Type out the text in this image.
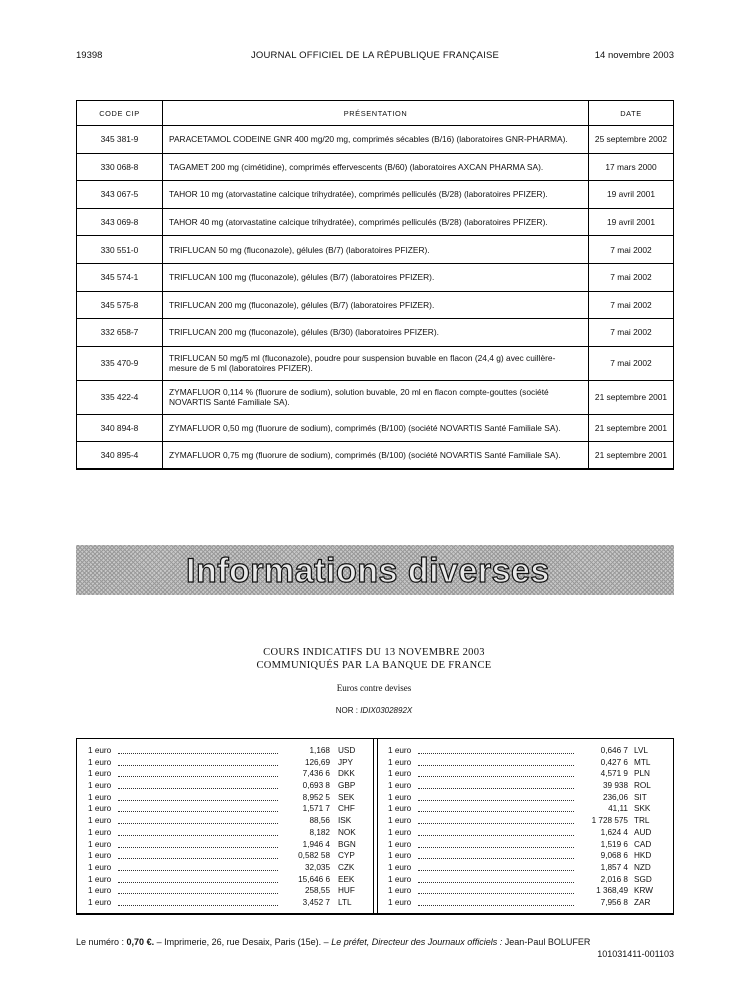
19398	JOURNAL OFFICIEL DE LA RÉPUBLIQUE FRANÇAISE	14 novembre 2003
CODE CIP	PRÉSENTATION	DATE
345 381-9	PARACETAMOL CODEINE GNR 400 mg/20 mg, comprimés sécables (B/16) (laboratoires GNR-PHARMA).	25 septembre 2002
330 068-8	TAGAMET 200 mg (cimétidine), comprimés effervescents (B/60) (laboratoires AXCAN PHARMA SA).	17 mars 2000
343 067-5	TAHOR 10 mg (atorvastatine calcique trihydratée), comprimés pelliculés (B/28) (laboratoires PFIZER).	19 avril 2001
343 069-8	TAHOR 40 mg (atorvastatine calcique trihydratée), comprimés pelliculés (B/28) (laboratoires PFIZER).	19 avril 2001
330 551-0	TRIFLUCAN 50 mg (fluconazole), gélules (B/7) (laboratoires PFIZER).	7 mai 2002
345 574-1	TRIFLUCAN 100 mg (fluconazole), gélules (B/7) (laboratoires PFIZER).	7 mai 2002
345 575-8	TRIFLUCAN 200 mg (fluconazole), gélules (B/7) (laboratoires PFIZER).	7 mai 2002
332 658-7	TRIFLUCAN 200 mg (fluconazole), gélules (B/30) (laboratoires PFIZER).	7 mai 2002
335 470-9	TRIFLUCAN 50 mg/5 ml (fluconazole), poudre pour suspension buvable en flacon (24,4 g) avec cuillère-mesure de 5 ml (laboratoires PFIZER).	7 mai 2002
335 422-4	ZYMAFLUOR 0,114 % (fluorure de sodium), solution buvable, 20 ml en flacon compte-gouttes (société NOVARTIS Santé Familiale SA).	21 septembre 2001
340 894-8	ZYMAFLUOR 0,50 mg (fluorure de sodium), comprimés (B/100) (société NOVARTIS Santé Familiale SA).	21 septembre 2001
340 895-4	ZYMAFLUOR 0,75 mg (fluorure de sodium), comprimés (B/100) (société NOVARTIS Santé Familiale SA).	21 septembre 2001
Informations diverses
COURS INDICATIFS DU 13 NOVEMBRE 2003
COMMUNIQUÉS PAR LA BANQUE DE FRANCE
Euros contre devises
NOR : IDIX0302892X
1 euro	1,168 USD
1 euro	126,69 JPY
1 euro	7,436 6 DKK
1 euro	0,693 8 GBP
1 euro	8,952 5 SEK
1 euro	1,571 7 CHF
1 euro	88,56 ISK
1 euro	8,182 NOK
1 euro	1,946 4 BGN
1 euro	0,582 58 CYP
1 euro	32,035 CZK
1 euro	15,646 6 EEK
1 euro	258,55 HUF
1 euro	3,452 7 LTL
1 euro	0,646 7 LVL
1 euro	0,427 6 MTL
1 euro	4,571 9 PLN
1 euro	39 938 ROL
1 euro	236,06 SIT
1 euro	41,11 SKK
1 euro	1 728 575 TRL
1 euro	1,624 4 AUD
1 euro	1,519 6 CAD
1 euro	9,068 6 HKD
1 euro	1,857 4 NZD
1 euro	2,016 8 SGD
1 euro	1 368,49 KRW
1 euro	7,956 8 ZAR
Le numéro : 0,70 €. – Imprimerie, 26, rue Desaix, Paris (15e). – Le préfet, Directeur des Journaux officiels : Jean-Paul BOLUFER
101031411-001103
